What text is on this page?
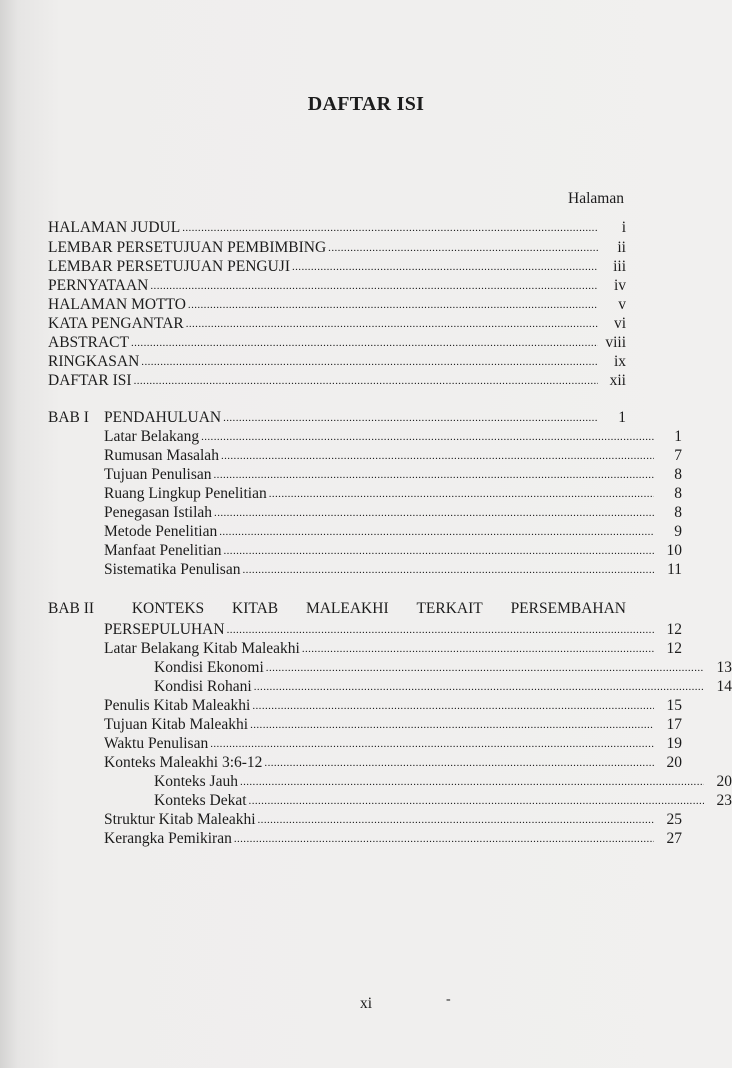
DAFTAR ISI
Halaman
HALAMAN JUDUL .....	i
LEMBAR PERSETUJUAN PEMBIMBING .....	ii
LEMBAR PERSETUJUAN PENGUJI .....	iii
PERNYATAAN .....	iv
HALAMAN MOTTO .....	v
KATA PENGANTAR .....	vi
ABSTRACT .....	viii
RINGKASAN .....	ix
DAFTAR ISI .....	xii
BAB I PENDAHULUAN .....	1
Latar Belakang .....	1
Rumusan Masalah .....	7
Tujuan Penulisan .....	8
Ruang Lingkup Penelitian .....	8
Penegasan Istilah .....	8
Metode Penelitian .....	9
Manfaat Penelitian .....	10
Sistematika Penulisan .....	11
BAB II	KONTEKS KITAB MALEAKHI TERKAIT PERSEMBAHAN
PERSEPULUHAN .....	12
Latar Belakang Kitab Maleakhi .....	12
Kondisi Ekonomi .....	13
Kondisi Rohani .....	14
Penulis Kitab Maleakhi .....	15
Tujuan Kitab Maleakhi .....	17
Waktu Penulisan .....	19
Konteks Maleakhi 3:6-12 .....	20
Konteks Jauh .....	20
Konteks Dekat .....	23
Struktur Kitab Maleakhi .....	25
Kerangka Pemikiran .....	27
xi	-
